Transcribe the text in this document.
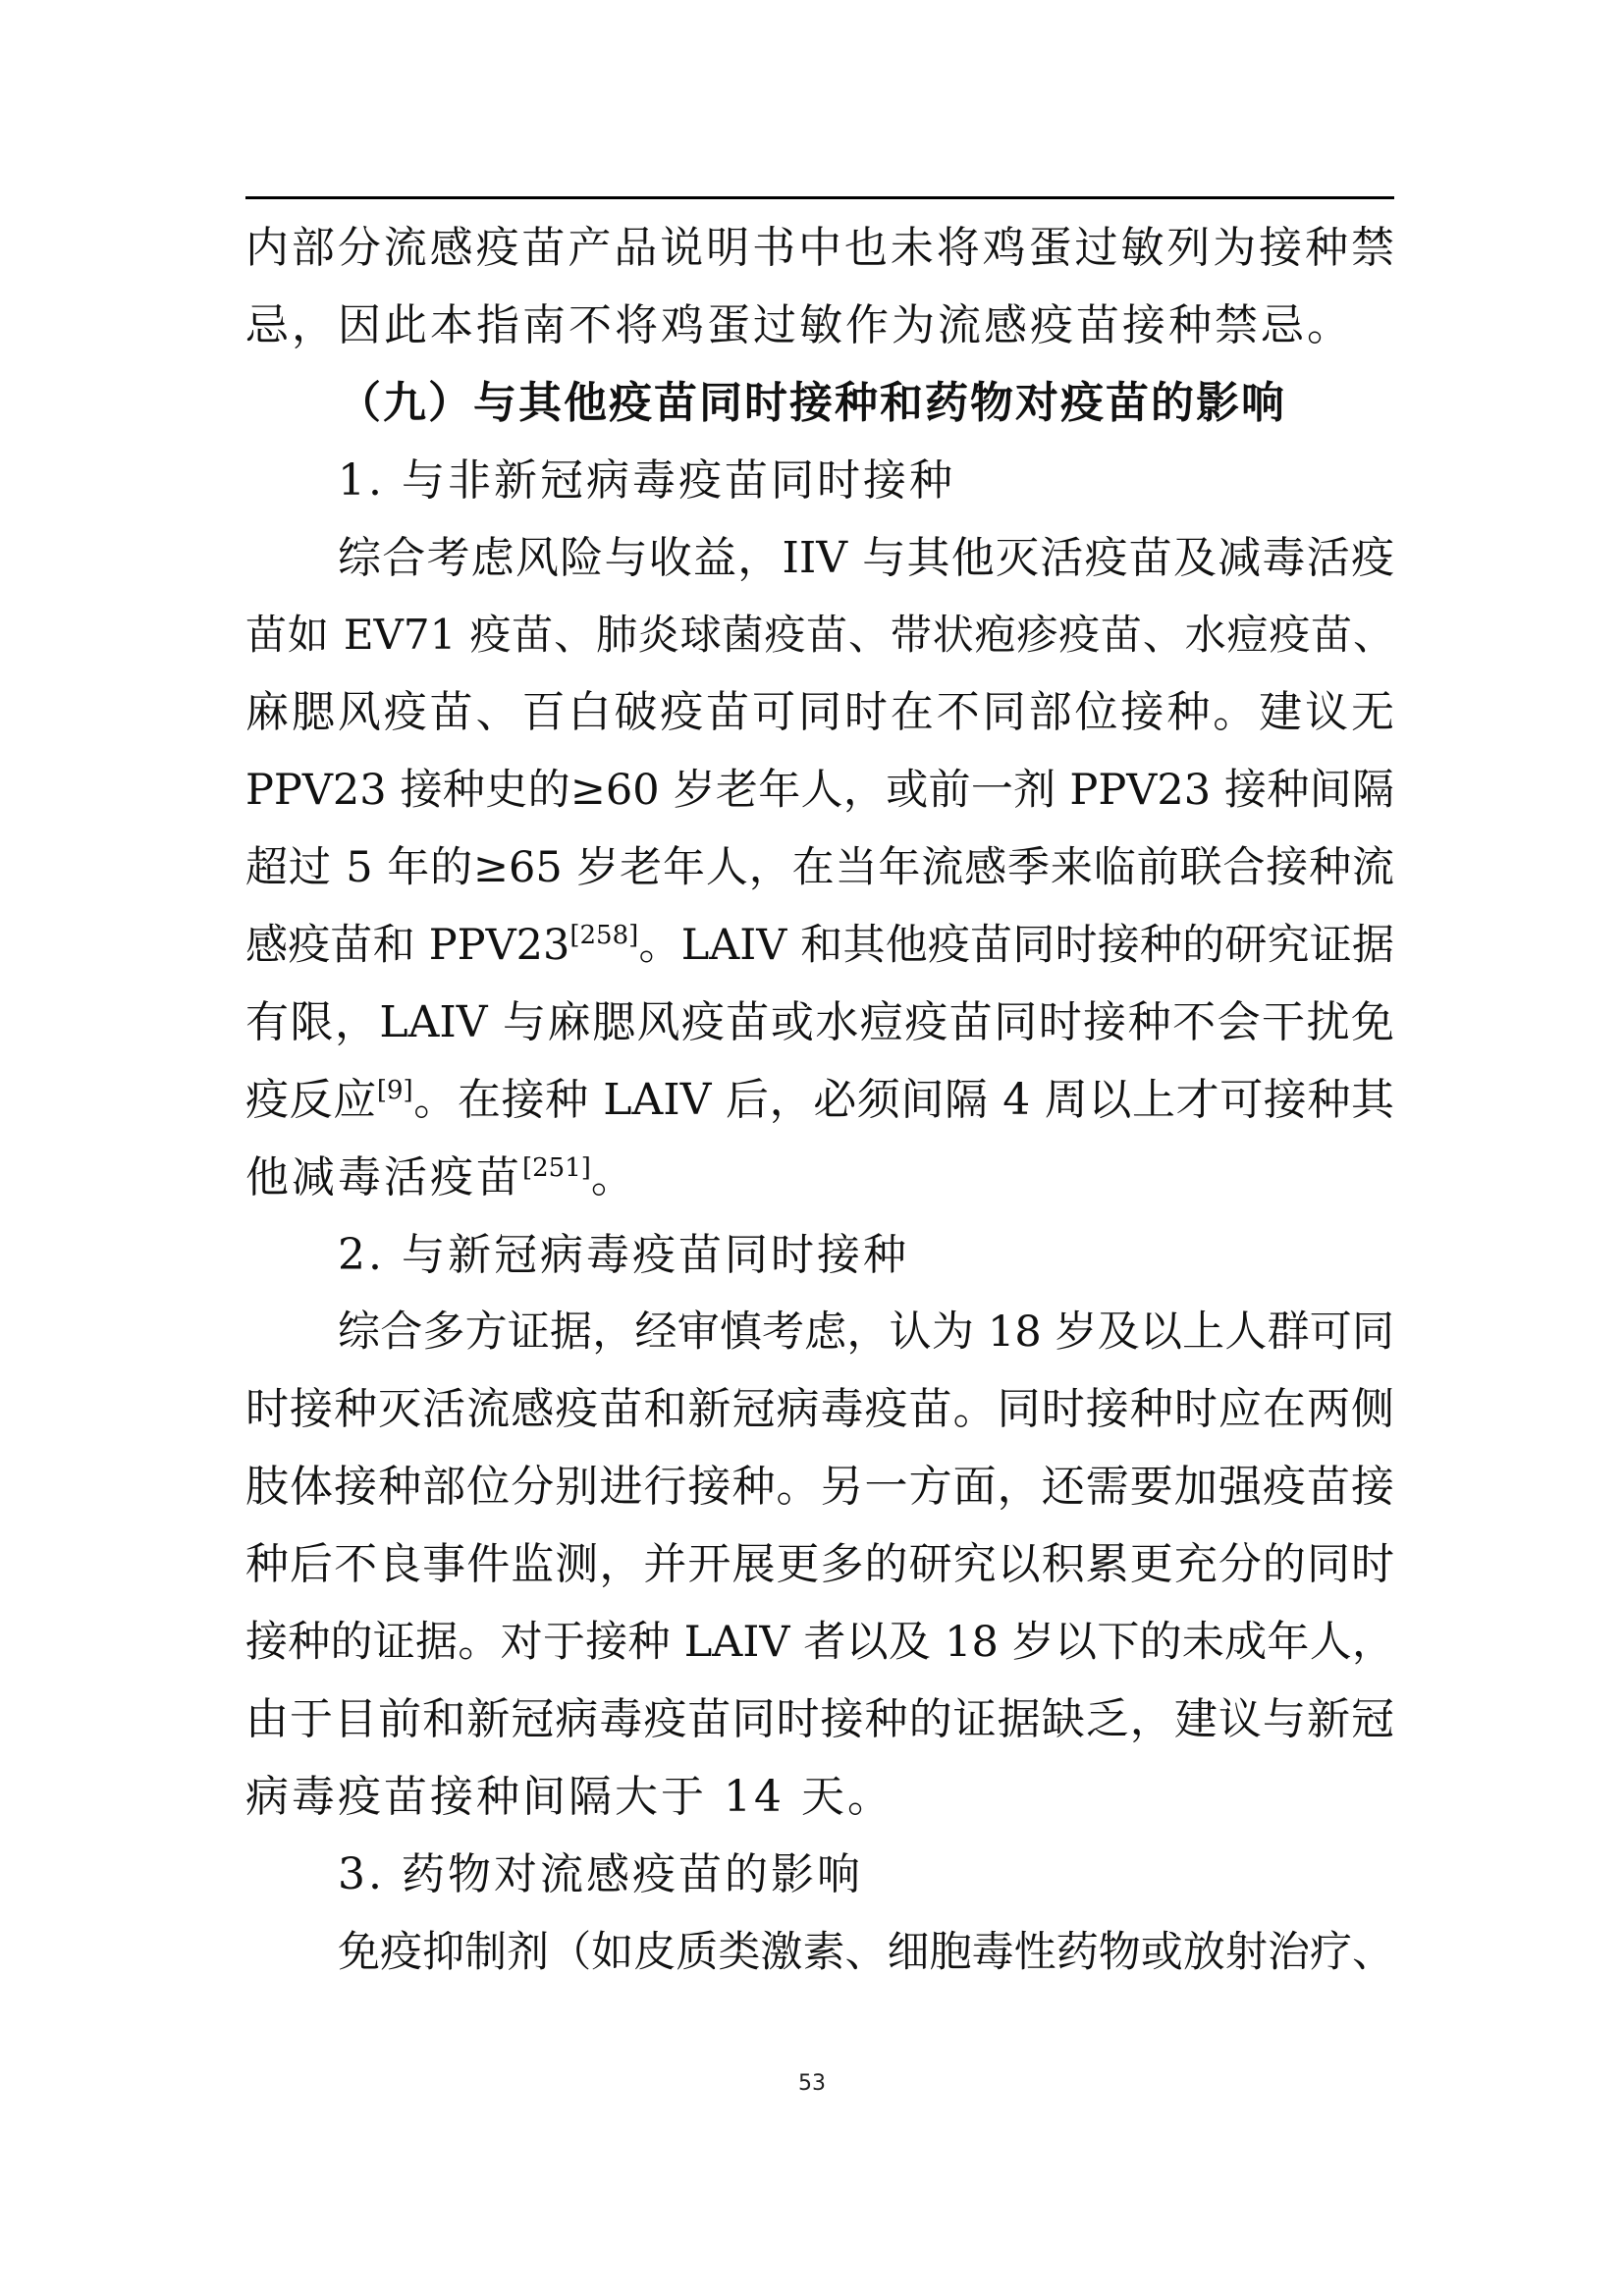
内部分流感疫苗产品说明书中也未将鸡蛋过敏列为接种禁
忌，因此本指南不将鸡蛋过敏作为流感疫苗接种禁忌。
（九）与其他疫苗同时接种和药物对疫苗的影响
1. 与非新冠病毒疫苗同时接种
综合考虑风险与收益，IIV 与其他灭活疫苗及减毒活疫
苗如 EV71 疫苗、肺炎球菌疫苗、带状疱疹疫苗、水痘疫苗、
麻腮风疫苗、百白破疫苗可同时在不同部位接种。建议无
PPV23 接种史的≥60 岁老年人，或前一剂 PPV23 接种间隔
超过 5 年的≥65 岁老年人，在当年流感季来临前联合接种流
感疫苗和 PPV23[258]。LAIV 和其他疫苗同时接种的研究证据
有限，LAIV 与麻腮风疫苗或水痘疫苗同时接种不会干扰免
疫反应[9]。在接种 LAIV 后，必须间隔 4 周以上才可接种其
他减毒活疫苗[251]。
2. 与新冠病毒疫苗同时接种
综合多方证据，经审慎考虑，认为 18 岁及以上人群可同
时接种灭活流感疫苗和新冠病毒疫苗。同时接种时应在两侧
肢体接种部位分别进行接种。另一方面，还需要加强疫苗接
种后不良事件监测，并开展更多的研究以积累更充分的同时
接种的证据。对于接种 LAIV 者以及 18 岁以下的未成年人，
由于目前和新冠病毒疫苗同时接种的证据缺乏，建议与新冠
病毒疫苗接种间隔大于 14 天。
3. 药物对流感疫苗的影响
免疫抑制剂（如皮质类激素、细胞毒性药物或放射治疗、
53
